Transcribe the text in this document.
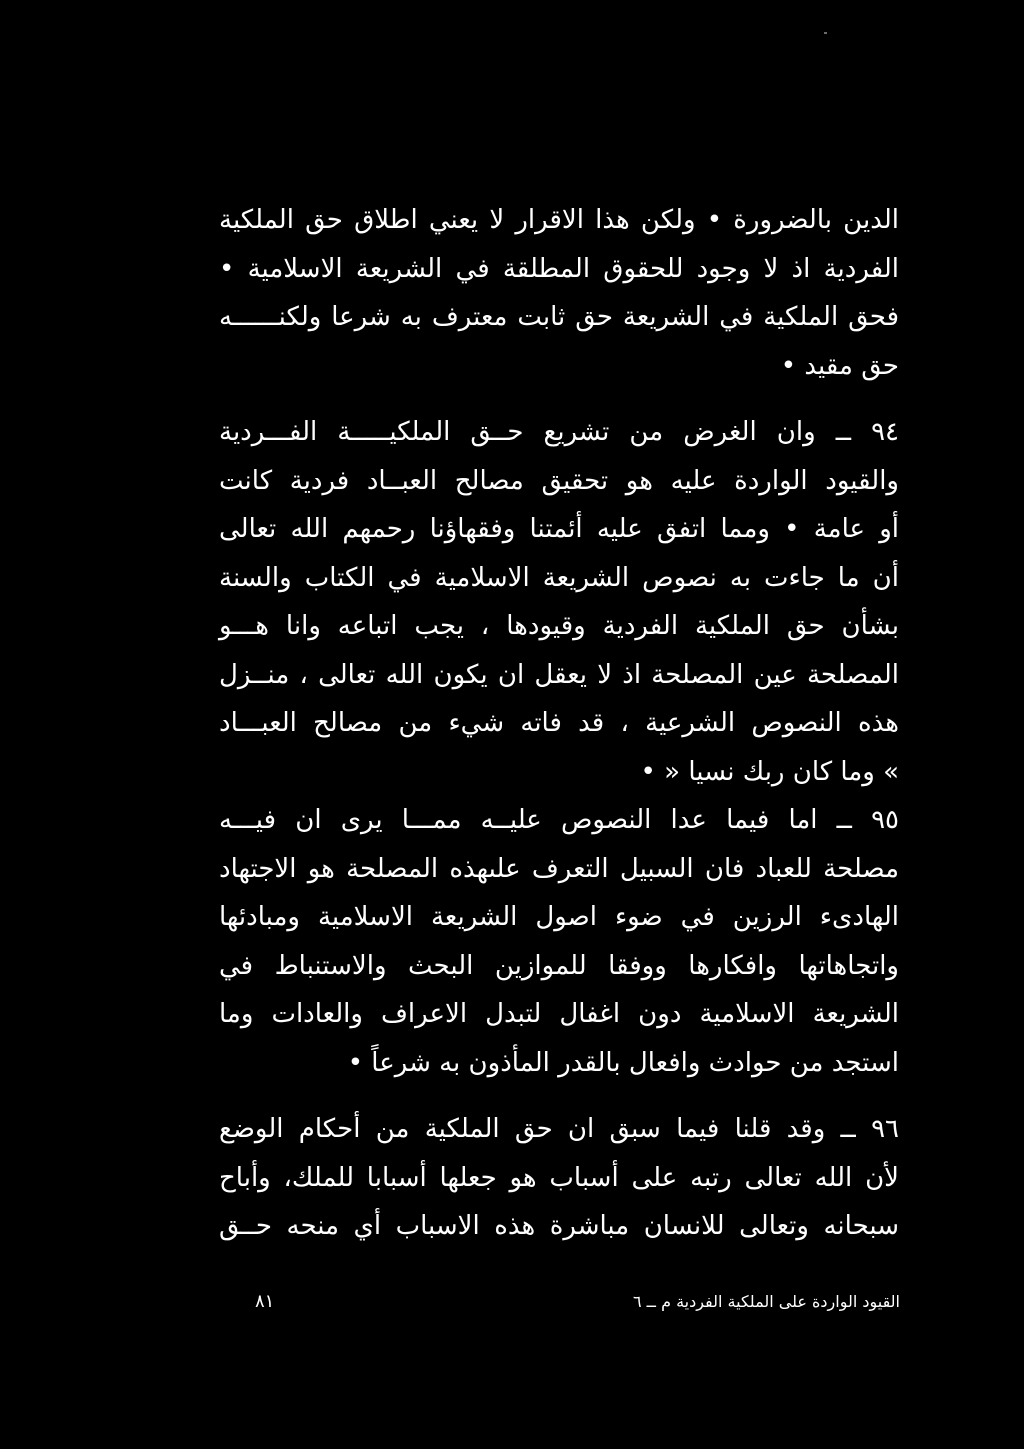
الدين بالضرورة • ولكن هذا الاقرار لا يعني اطلاق حق الملكية
الفردية اذ لا وجود للحقوق المطلقة في الشريعة الاسلامية •
فحق الملكية في الشريعة حق ثابت معترف به شرعا ولكنــــــه
حق مقيد •
٩٤ ــ وان الغرض من تشريع حــق الملكيـــــة الفـــردية
والقيود الواردة عليه هو تحقيق مصالح العبــاد فردية كانت
أو عامة • ومما اتفق عليه أئمتنا وفقهاؤنا رحمهم الله تعالى
أن ما جاءت به نصوص الشريعة الاسلامية في الكتاب والسنة
بشأن حق الملكية الفردية وقيودها ، يجب اتباعه وانا هـــو
المصلحة عين المصلحة اذ لا يعقل ان يكون الله تعالى ، منــزل
هذه النصوص الشرعية ، قد فاته شيء من مصالح العبـــاد
» وما كان ربك نسيا « •
٩٥ ــ اما فيما عدا النصوص عليــه ممـــا يرى ان فيـــه
مصلحة للعباد فان السبيل التعرف علىهذه المصلحة هو الاجتهاد
الهادىء الرزين في ضوء اصول الشريعة الاسلامية ومبادئها
واتجاهاتها وافكارها ووفقا للموازين البحث والاستنباط في
الشريعة الاسلامية دون اغفال لتبدل الاعراف والعادات وما
استجد من حوادث وافعال بالقدر المأذون به شرعاً •
٩٦ ــ وقد قلنا فيما سبق ان حق الملكية من أحكام الوضع
لأن الله تعالى رتبه على أسباب هو جعلها أسبابا للملك، وأباح
سبحانه وتعالى للانسان مباشرة هذه الاسباب أي منحه حــق
القيود الواردة على الملكية الفردية م ــ ٦
٨١
